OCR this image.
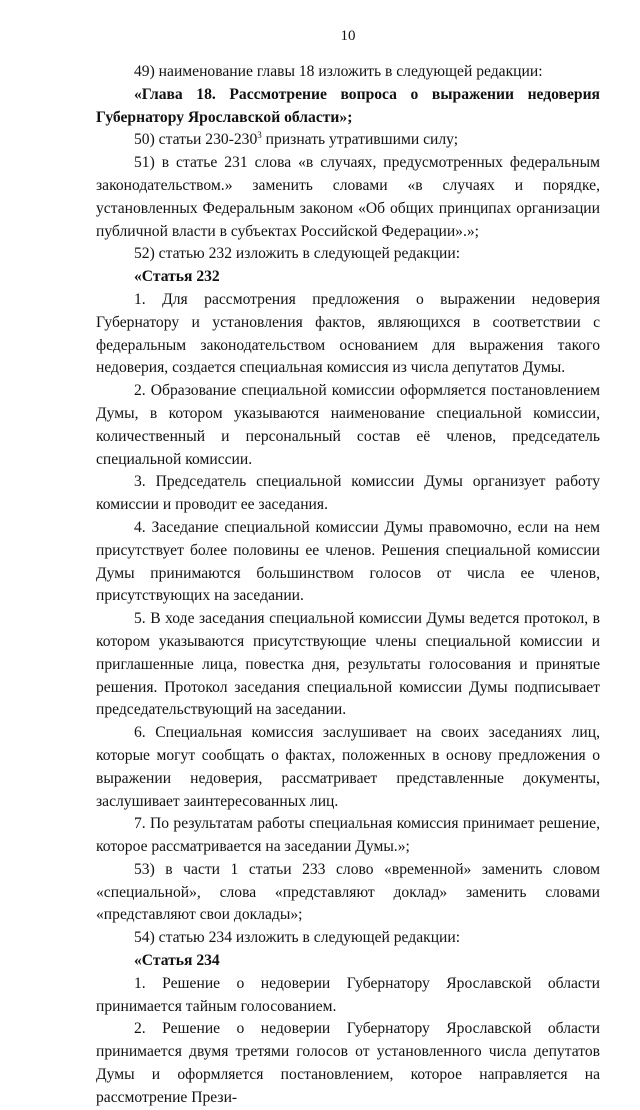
10

49) наименование главы 18 изложить в следующей редакции:

«Глава 18. Рассмотрение вопроса о выражении недоверия Губернатору Ярославской области»;

50) статьи $230-230^3$ признать утратившими силу;

51) в статье 231 слова «в случаях, предусмотренных федеральным законодательством.» заменить словами «в случаях и порядке, установленных Федеральным законом «Об общих принципах организации публичной власти в субъектах Российской Федерации».»;

52) статью 232 изложить в следующей редакции:

«Статья 232

1. Для рассмотрения предложения о выражении недоверия Губернатору и установления фактов, являющихся в соответствии с федеральным законодательством основанием для выражения такого недоверия, создается специальная комиссия из числа депутатов Думы.

2. Образование специальной комиссии оформляется постановлением Думы, в котором указываются наименование специальной комиссии, количественный и персональный состав её членов, председатель специальной комиссии.

3. Председатель специальной комиссии Думы организует работу комиссии и проводит ее заседания.

4. Заседание специальной комиссии Думы правомочно, если на нем присутствует более половины ее членов. Решения специальной комиссии Думы принимаются большинством голосов от числа ее членов, присутствующих на заседании.

5. В ходе заседания специальной комиссии Думы ведется протокол, в котором указываются присутствующие члены специальной комиссии и приглашенные лица, повестка дня, результаты голосования и принятые решения. Протокол заседания специальной комиссии Думы подписывает председательствующий на заседании.

6. Специальная комиссия заслушивает на своих заседаниях лиц, которые могут сообщать о фактах, положенных в основу предложения о выражении недоверия, рассматривает представленные документы, заслушивает заинтересованных лиц.

7. По результатам работы специальная комиссия принимает решение, которое рассматривается на заседании Думы.»;

53) в части 1 статьи 233 слово «временной» заменить словом «специальной», слова «представляют доклад» заменить словами «представляют свои доклады»;

54) статью 234 изложить в следующей редакции:

«Статья 234

1. Решение о недоверии Губернатору Ярославской области принимается тайным голосованием.

2. Решение о недоверии Губернатору Ярославской области принимается двумя третями голосов от установленного числа депутатов Думы и оформляется постановлением, которое направляется на рассмотрение Прези-
